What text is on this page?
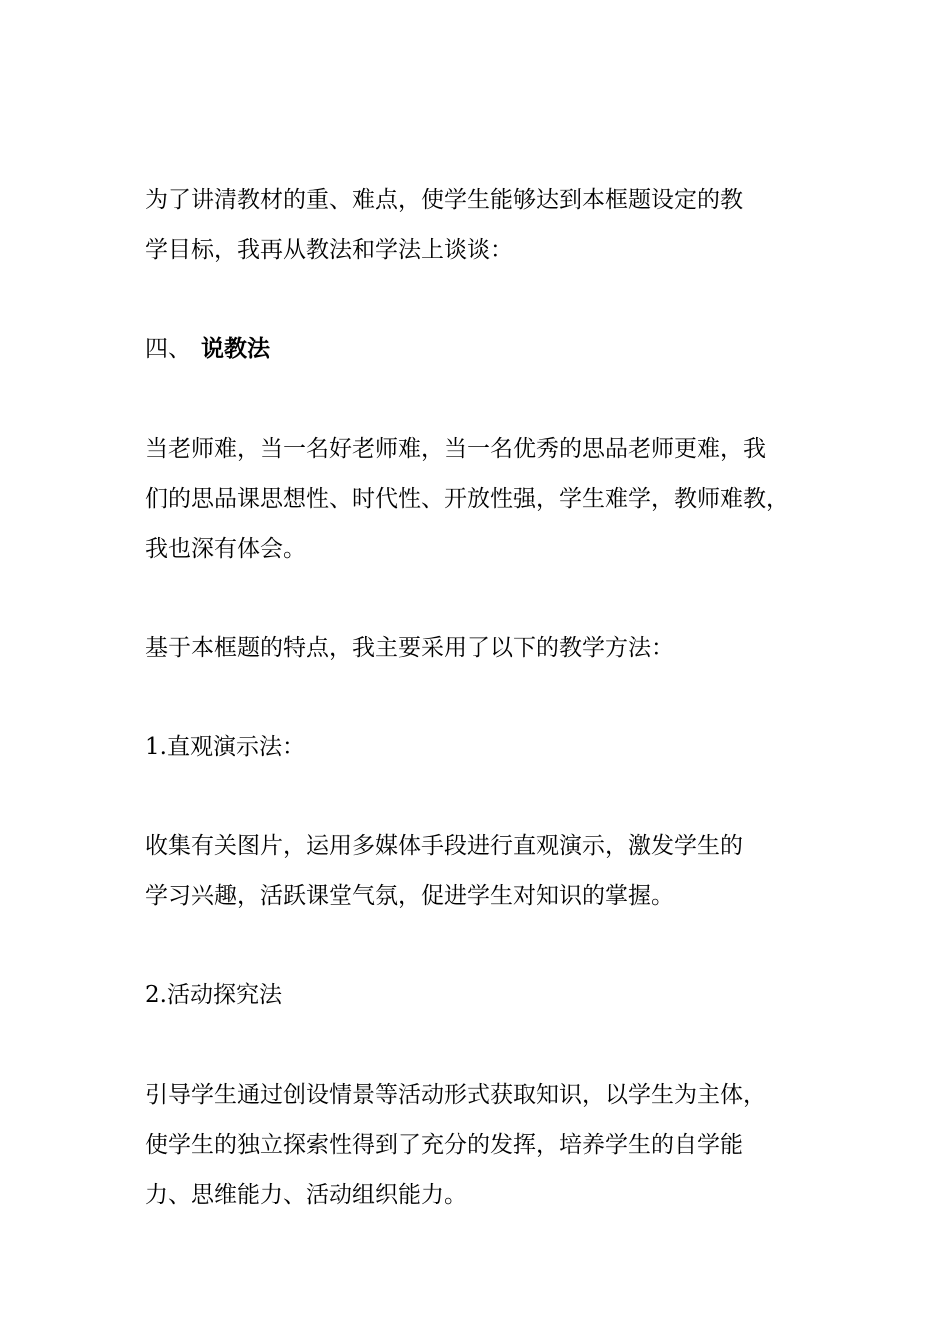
为了讲清教材的重、难点，使学生能够达到本框题设定的教
学目标，我再从教法和学法上谈谈：

四、 说教法

当老师难，当一名好老师难，当一名优秀的思品老师更难，我
们的思品课思想性、时代性、开放性强，学生难学，教师难教，
我也深有体会。

基于本框题的特点，我主要采用了以下的教学方法：

1.直观演示法：

收集有关图片，运用多媒体手段进行直观演示，激发学生的
学习兴趣，活跃课堂气氛，促进学生对知识的掌握。

2.活动探究法

引导学生通过创设情景等活动形式获取知识，以学生为主体，
使学生的独立探索性得到了充分的发挥，培养学生的自学能
力、思维能力、活动组织能力。
